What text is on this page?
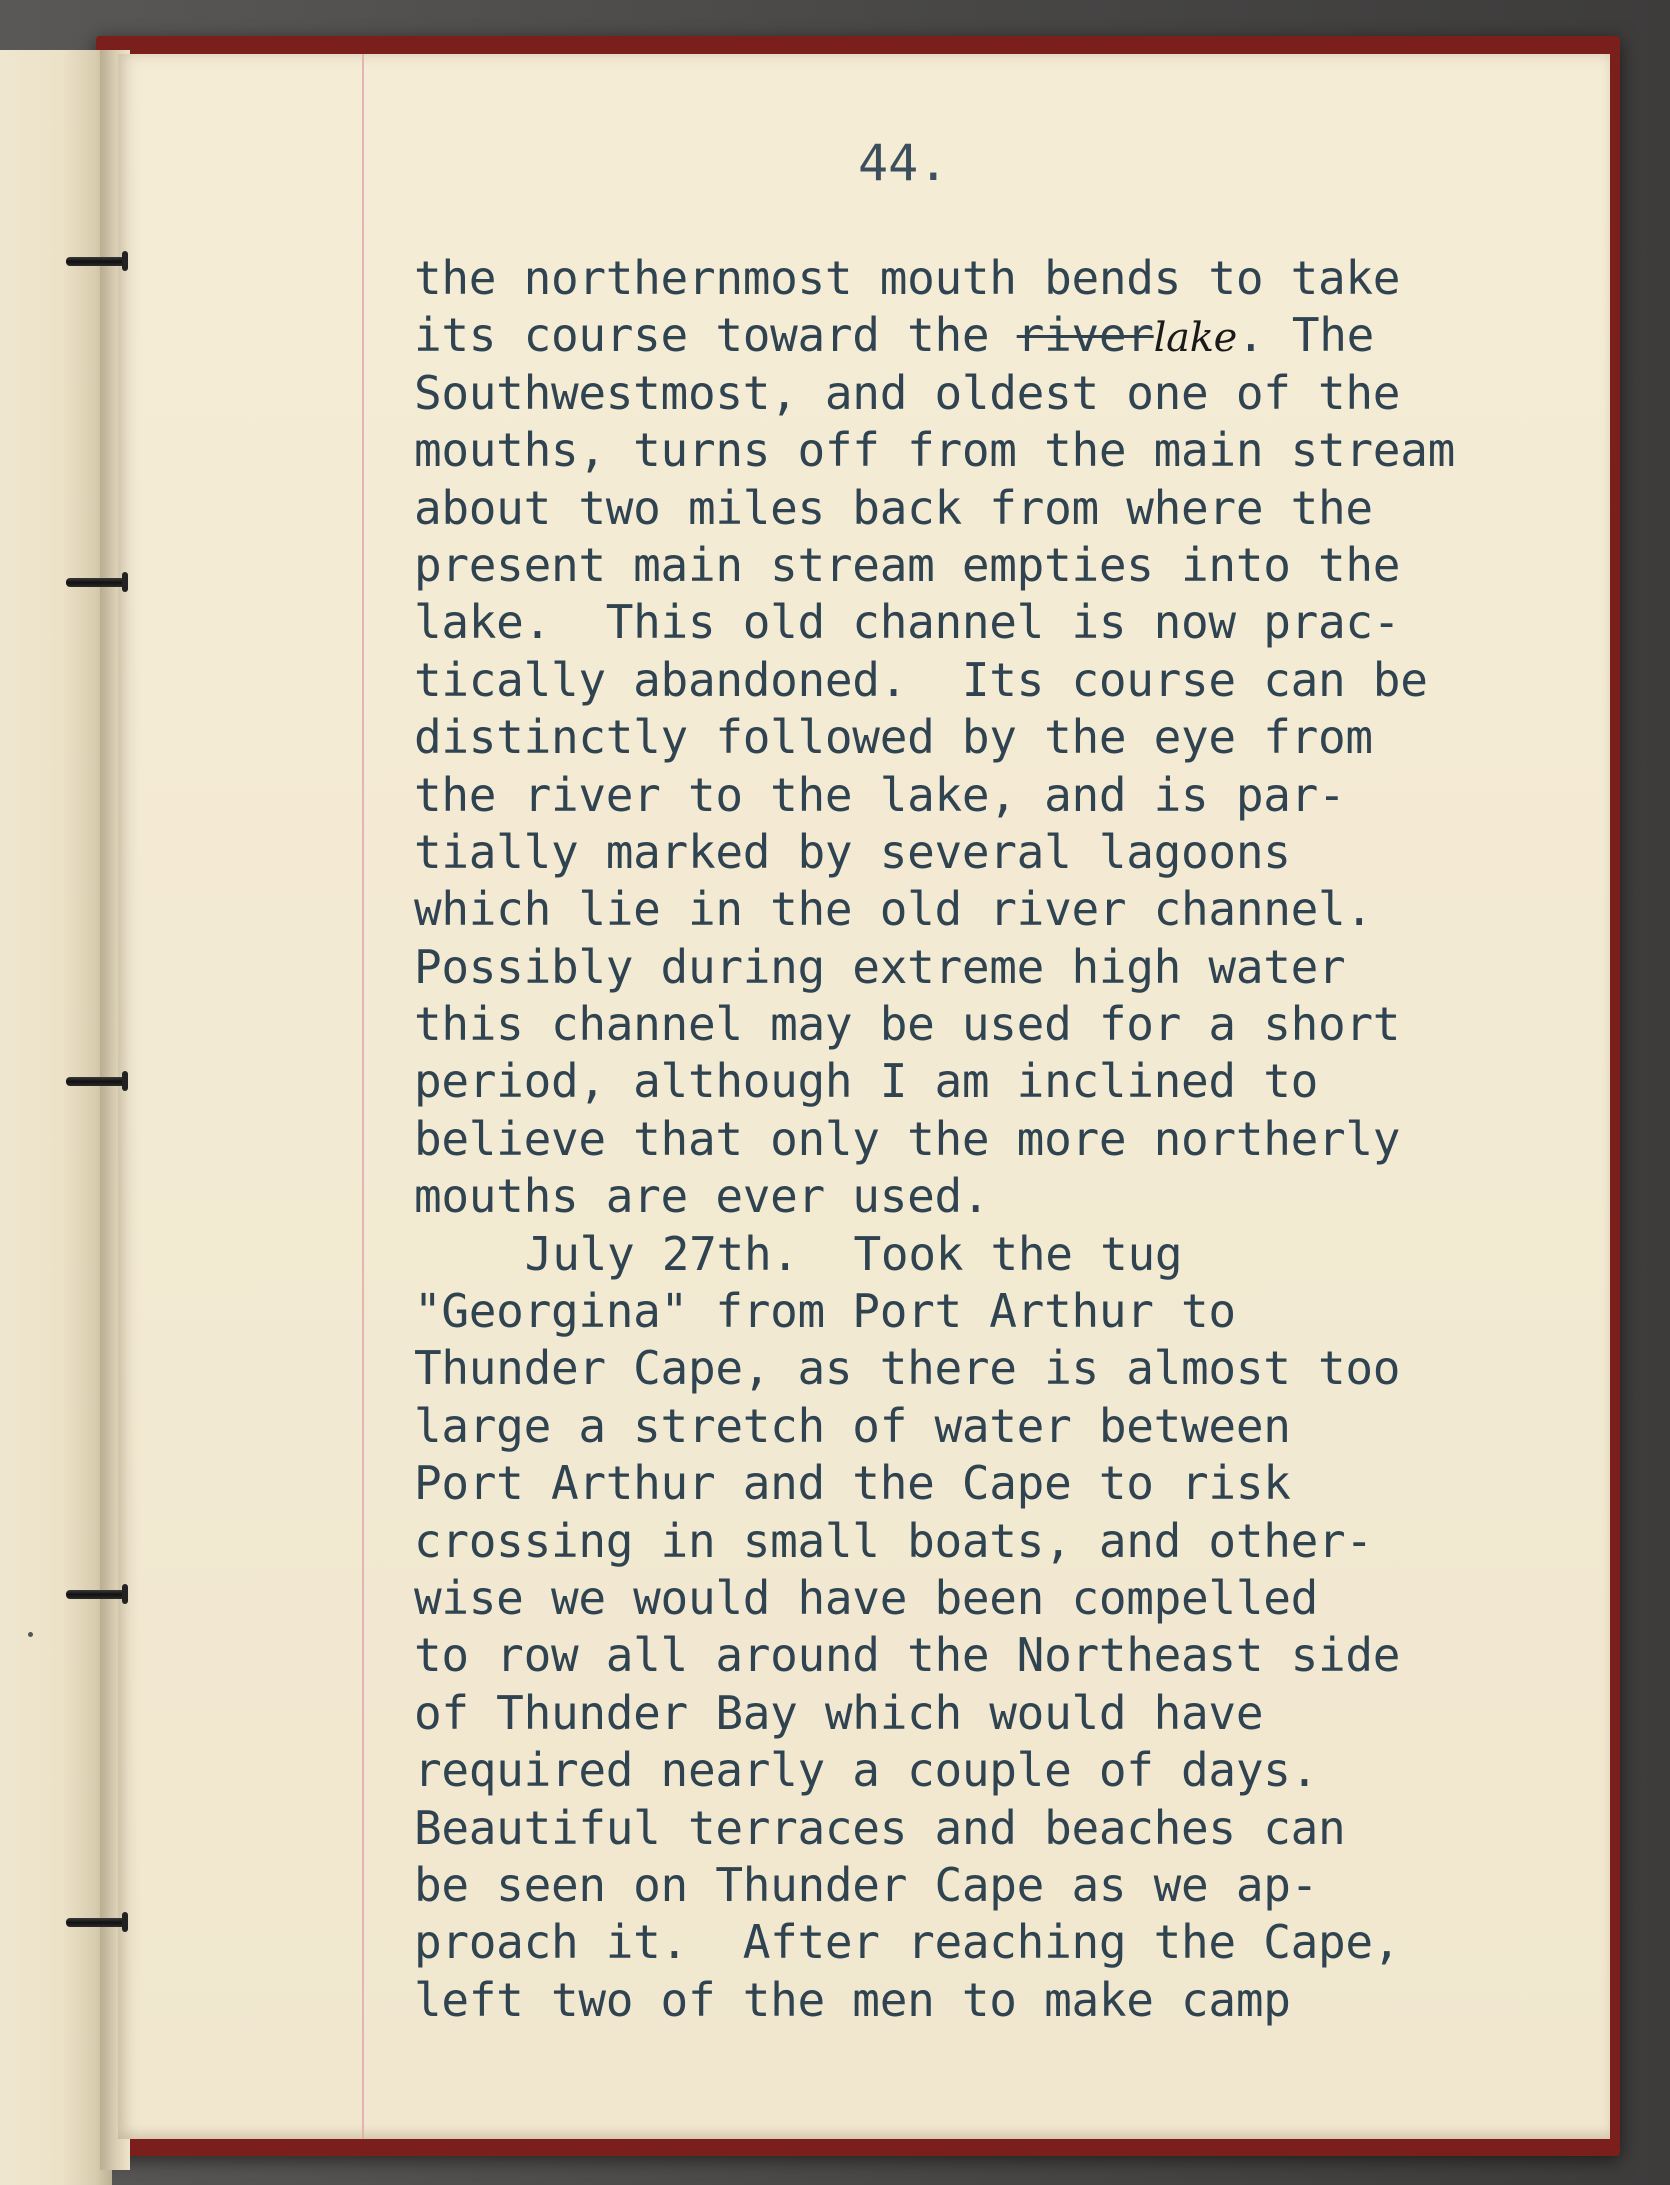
44.
the northernmost mouth bends to take
its course toward the riverlake. The
Southwestmost, and oldest one of the
mouths, turns off from the main stream
about two miles back from where the
present main stream empties into the
lake.  This old channel is now prac-
tically abandoned.  Its course can be
distinctly followed by the eye from
the river to the lake, and is par-
tially marked by several lagoons
which lie in the old river channel.
Possibly during extreme high water
this channel may be used for a short
period, although I am inclined to
believe that only the more northerly
mouths are ever used.
July 27th.  Took the tug
"Georgina" from Port Arthur to
Thunder Cape, as there is almost too
large a stretch of water between
Port Arthur and the Cape to risk
crossing in small boats, and other-
wise we would have been compelled
to row all around the Northeast side
of Thunder Bay which would have
required nearly a couple of days.
Beautiful terraces and beaches can
be seen on Thunder Cape as we ap-
proach it.  After reaching the Cape,
left two of the men to make camp
